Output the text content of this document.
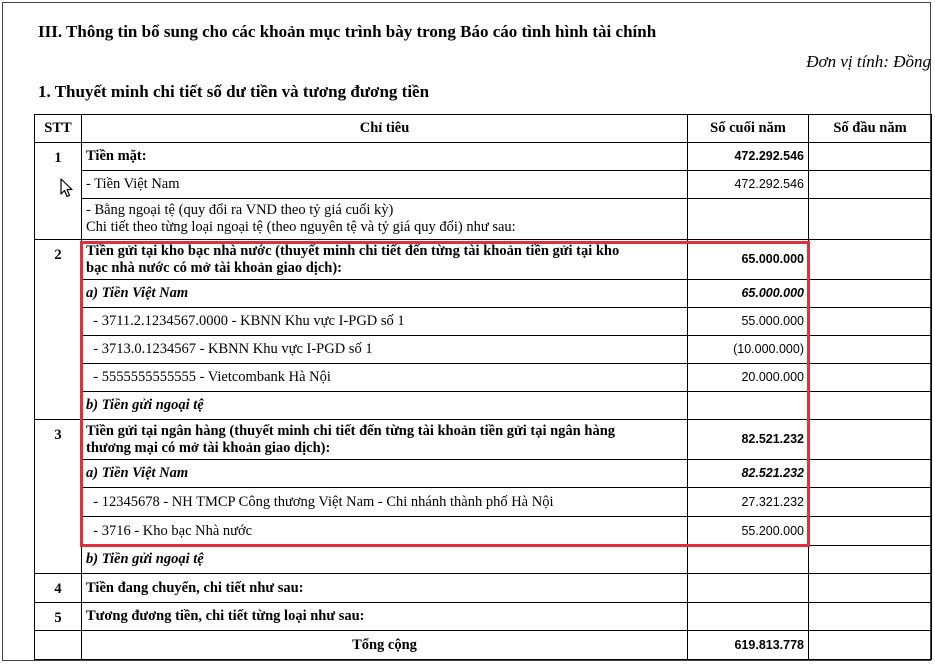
III. Thông tin bổ sung cho các khoản mục trình bày trong Báo cáo tình hình tài chính
Đơn vị tính: Đồng
1. Thuyết minh chi tiết số dư tiền và tương đương tiền
STT	Chỉ tiêu	Số cuối năm	Số đầu năm
1	Tiền mặt:	472.292.546	
	- Tiền Việt Nam	472.292.546	

	- Bằng ngoại tệ (quy đổi ra VND theo tỷ giá cuối kỳ)
Chi tiết theo từng loại ngoại tệ (theo nguyên tệ và tỷ giá quy đổi) như sau:		

2	Tiền gửi tại kho bạc nhà nước (thuyết minh chi tiết đến từng tài khoản tiền gửi tại kho
bạc nhà nước có mở tài khoản giao dịch):	65.000.000	
	a) Tiền Việt Nam	65.000.000	
	- 3711.2.1234567.0000 - KBNN Khu vực I-PGD số 1	55.000.000	
	- 3713.0.1234567 - KBNN Khu vực I-PGD số 1	(10.000.000)	
	- 5555555555555 - Vietcombank Hà Nội	20.000.000	
	b) Tiền gửi ngoại tệ		
3	Tiền gửi tại ngân hàng (thuyết minh chi tiết đến từng tài khoản tiền gửi tại ngân hàng
thương mại có mở tài khoản giao dịch):	82.521.232	
	a) Tiền Việt Nam	82.521.232	
	- 12345678 - NH TMCP Công thương Việt Nam - Chi nhánh thành phố Hà Nội	27.321.232	
	- 3716 - Kho bạc Nhà nước	55.200.000	
	b) Tiền gửi ngoại tệ		
4	Tiền đang chuyển, chi tiết như sau:		
5	Tương đương tiền, chi tiết từng loại như sau:		
	Tổng cộng	619.813.778	
